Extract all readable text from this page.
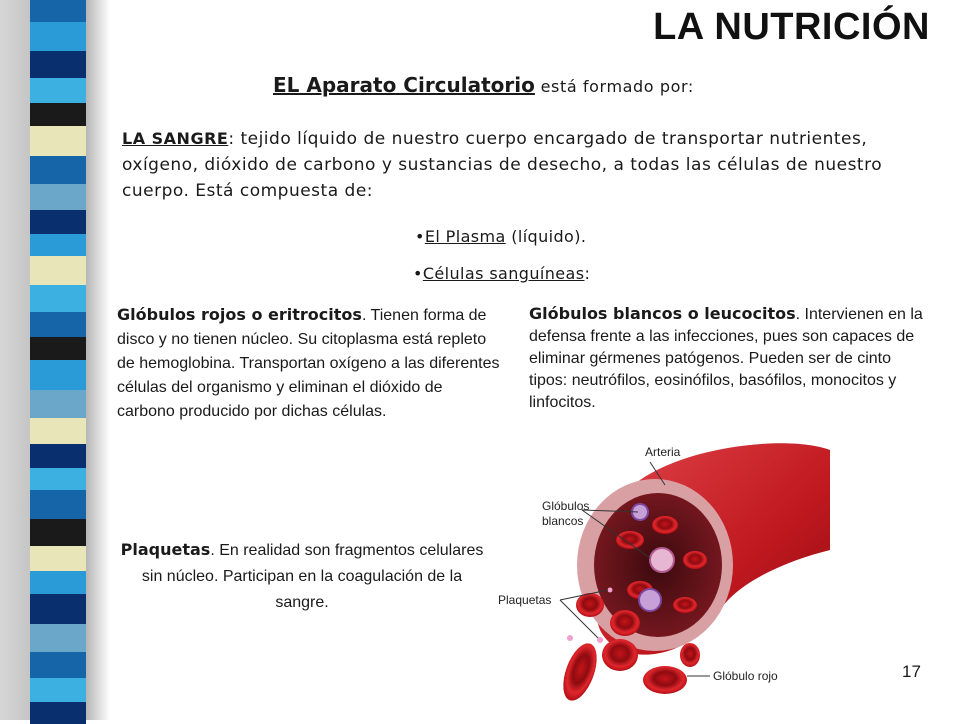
LA NUTRICIÓN
EL Aparato Circulatorio está formado por:
LA SANGRE: tejido líquido de nuestro cuerpo encargado de transportar nutrientes, oxígeno, dióxido de carbono y sustancias de desecho, a todas las células de nuestro cuerpo. Está compuesta de:
•El Plasma (líquido).
•Células sanguíneas:
Glóbulos rojos o eritrocitos. Tienen forma de disco y no tienen núcleo. Su citoplasma está repleto de hemoglobina. Transportan oxígeno a las diferentes células del organismo y eliminan el dióxido de carbono producido por dichas células.
Glóbulos blancos o leucocitos. Intervienen en la defensa frente a las infecciones, pues son capaces de eliminar gérmenes patógenos. Pueden ser de cinto tipos: neutrófilos, eosinófilos, basófilos, monocitos y linfocitos.
Plaquetas. En realidad son fragmentos celulares sin núcleo. Participan en la coagulación de la sangre.
Arteria
Glóbulos
blancos
Plaquetas
Glóbulo rojo	17
